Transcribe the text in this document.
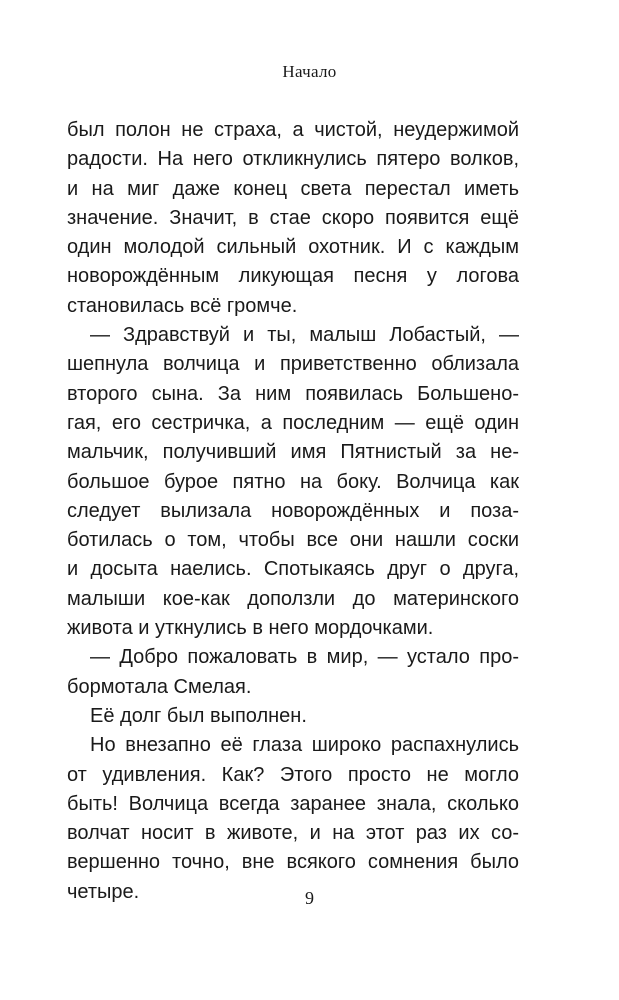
Начало

был полон не страха, а чистой, неудержимой
радости. На него откликнулись пятеро волков,
и на миг даже конец света перестал иметь
значение. Значит, в стае скоро появится ещё
один молодой сильный охотник. И с каждым
новорождённым ликующая песня у логова
становилась всё громче.

— Здравствуй и ты, малыш Лобастый, —
шепнула волчица и приветственно облизала
второго сына. За ним появилась Большено-
гая, его сестричка, а последним — ещё один
мальчик, получивший имя Пятнистый за не-
большое бурое пятно на боку. Волчица как
следует вылизала новорождённых и поза-
ботилась о том, чтобы все они нашли соски
и досыта наелись. Спотыкаясь друг о друга,
малыши кое-как доползли до материнского
живота и уткнулись в него мордочками.

— Добро пожаловать в мир, — устало про-
бормотала Смелая.

Её долг был выполнен.

Но внезапно её глаза широко распахнулись
от удивления. Как? Этого просто не могло
быть! Волчица всегда заранее знала, сколько
волчат носит в животе, и на этот раз их со-
вершенно точно, вне всякого сомнения было
четыре.	9
